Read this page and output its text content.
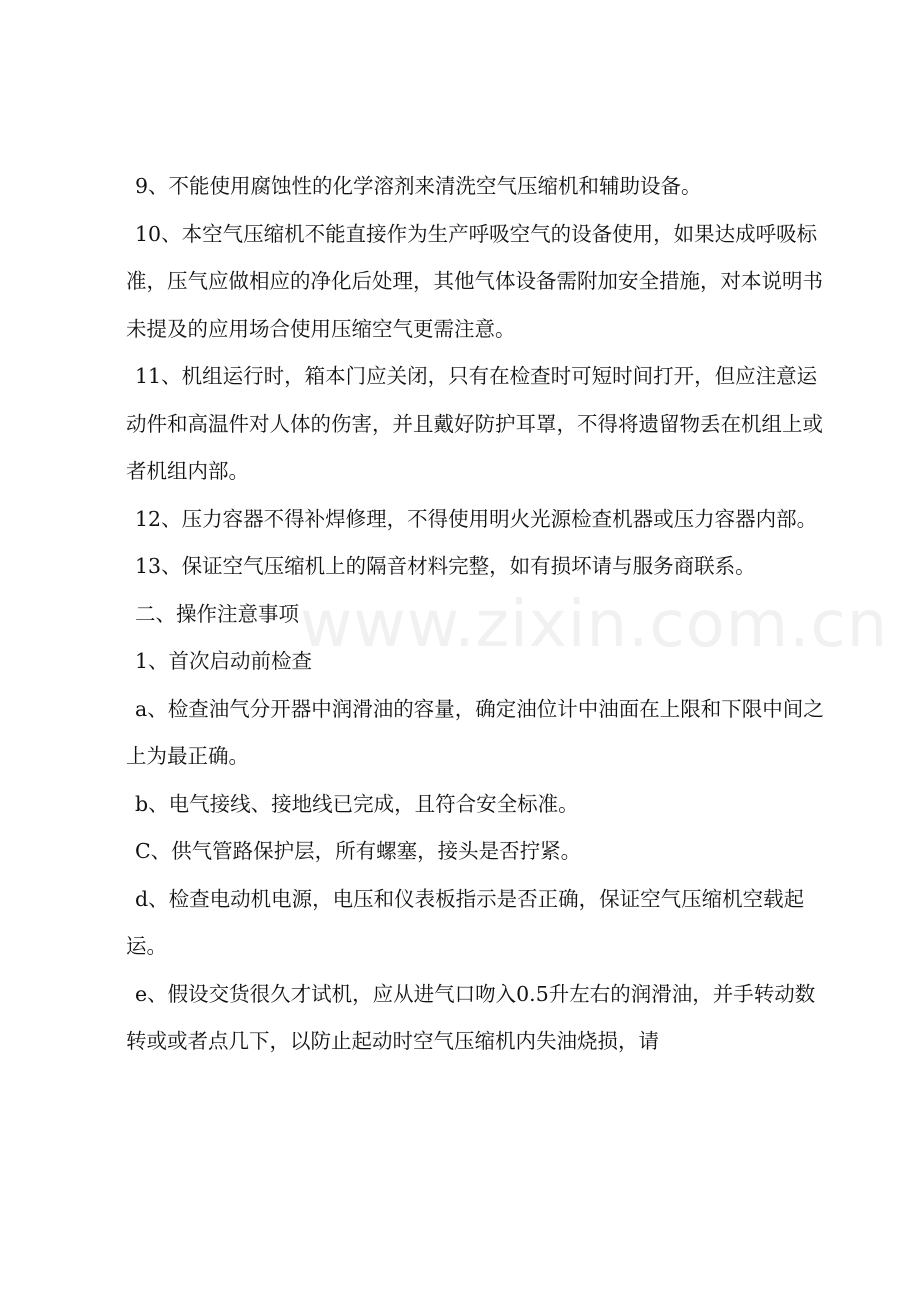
www.zixin.com.cn

9、不能使用腐蚀性的化学溶剂来清洗空气压缩机和辅助设备。

10、本空气压缩机不能直接作为生产呼吸空气的设备使用，如果达成呼吸标准，压气应做相应的净化后处理，其他气体设备需附加安全措施，对本说明书未提及的应用场合使用压缩空气更需注意。

11、机组运行时，箱本门应关闭，只有在检查时可短时间打开，但应注意运动件和高温件对人体的伤害，并且戴好防护耳罩，不得将遗留物丢在机组上或者机组内部。

12、压力容器不得补焊修理，不得使用明火光源检查机器或压力容器内部。

13、保证空气压缩机上的隔音材料完整，如有损坏请与服务商联系。

二、操作注意事项

1、首次启动前检查

a、检查油气分开器中润滑油的容量，确定油位计中油面在上限和下限中间之上为最正确。

b、电气接线、接地线已完成，且符合安全标准。

C、供气管路保护层，所有螺塞，接头是否拧紧。

d、检查电动机电源，电压和仪表板指示是否正确，保证空气压缩机空载起运。

e、假设交货很久才试机，应从进气口吻入0.5升左右的润滑油，并手转动数转或或者点几下，以防止起动时空气压缩机内失油烧损，请
